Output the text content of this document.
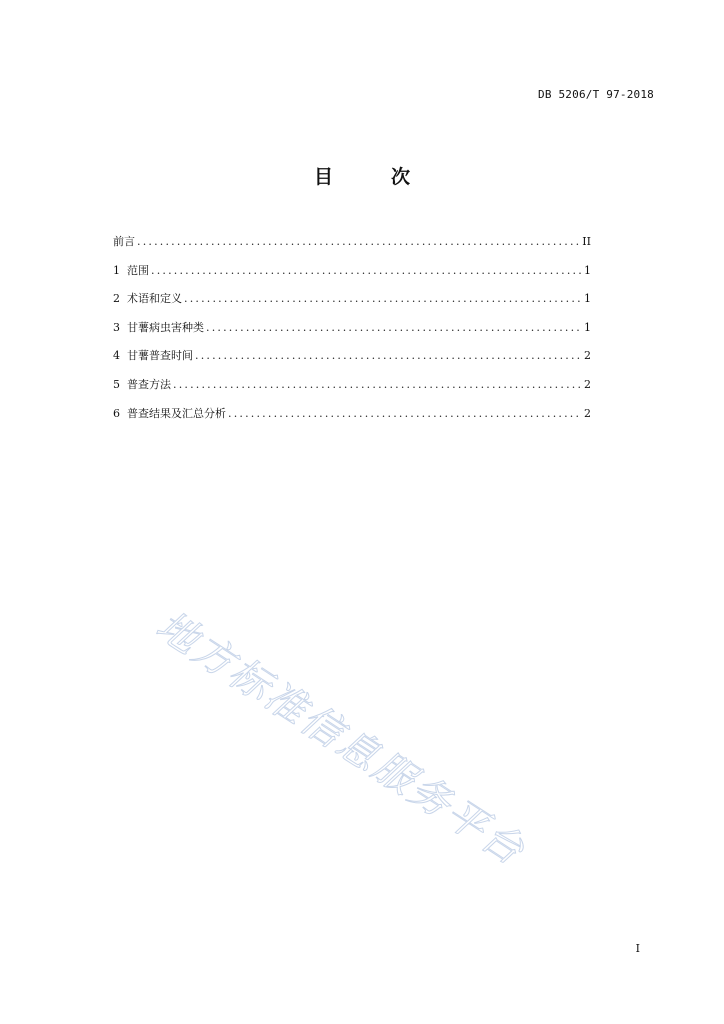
DB 5206/T 97-2018
目次
前言 .....	II
1 范围 .....	1
2 术语和定义 .....	1
3 甘薯病虫害种类 .....	1
4 甘薯普查时间 .....	2
5 普查方法 .....	2
6 普查结果及汇总分析 .....	2
地方标准信息服务平台
I
